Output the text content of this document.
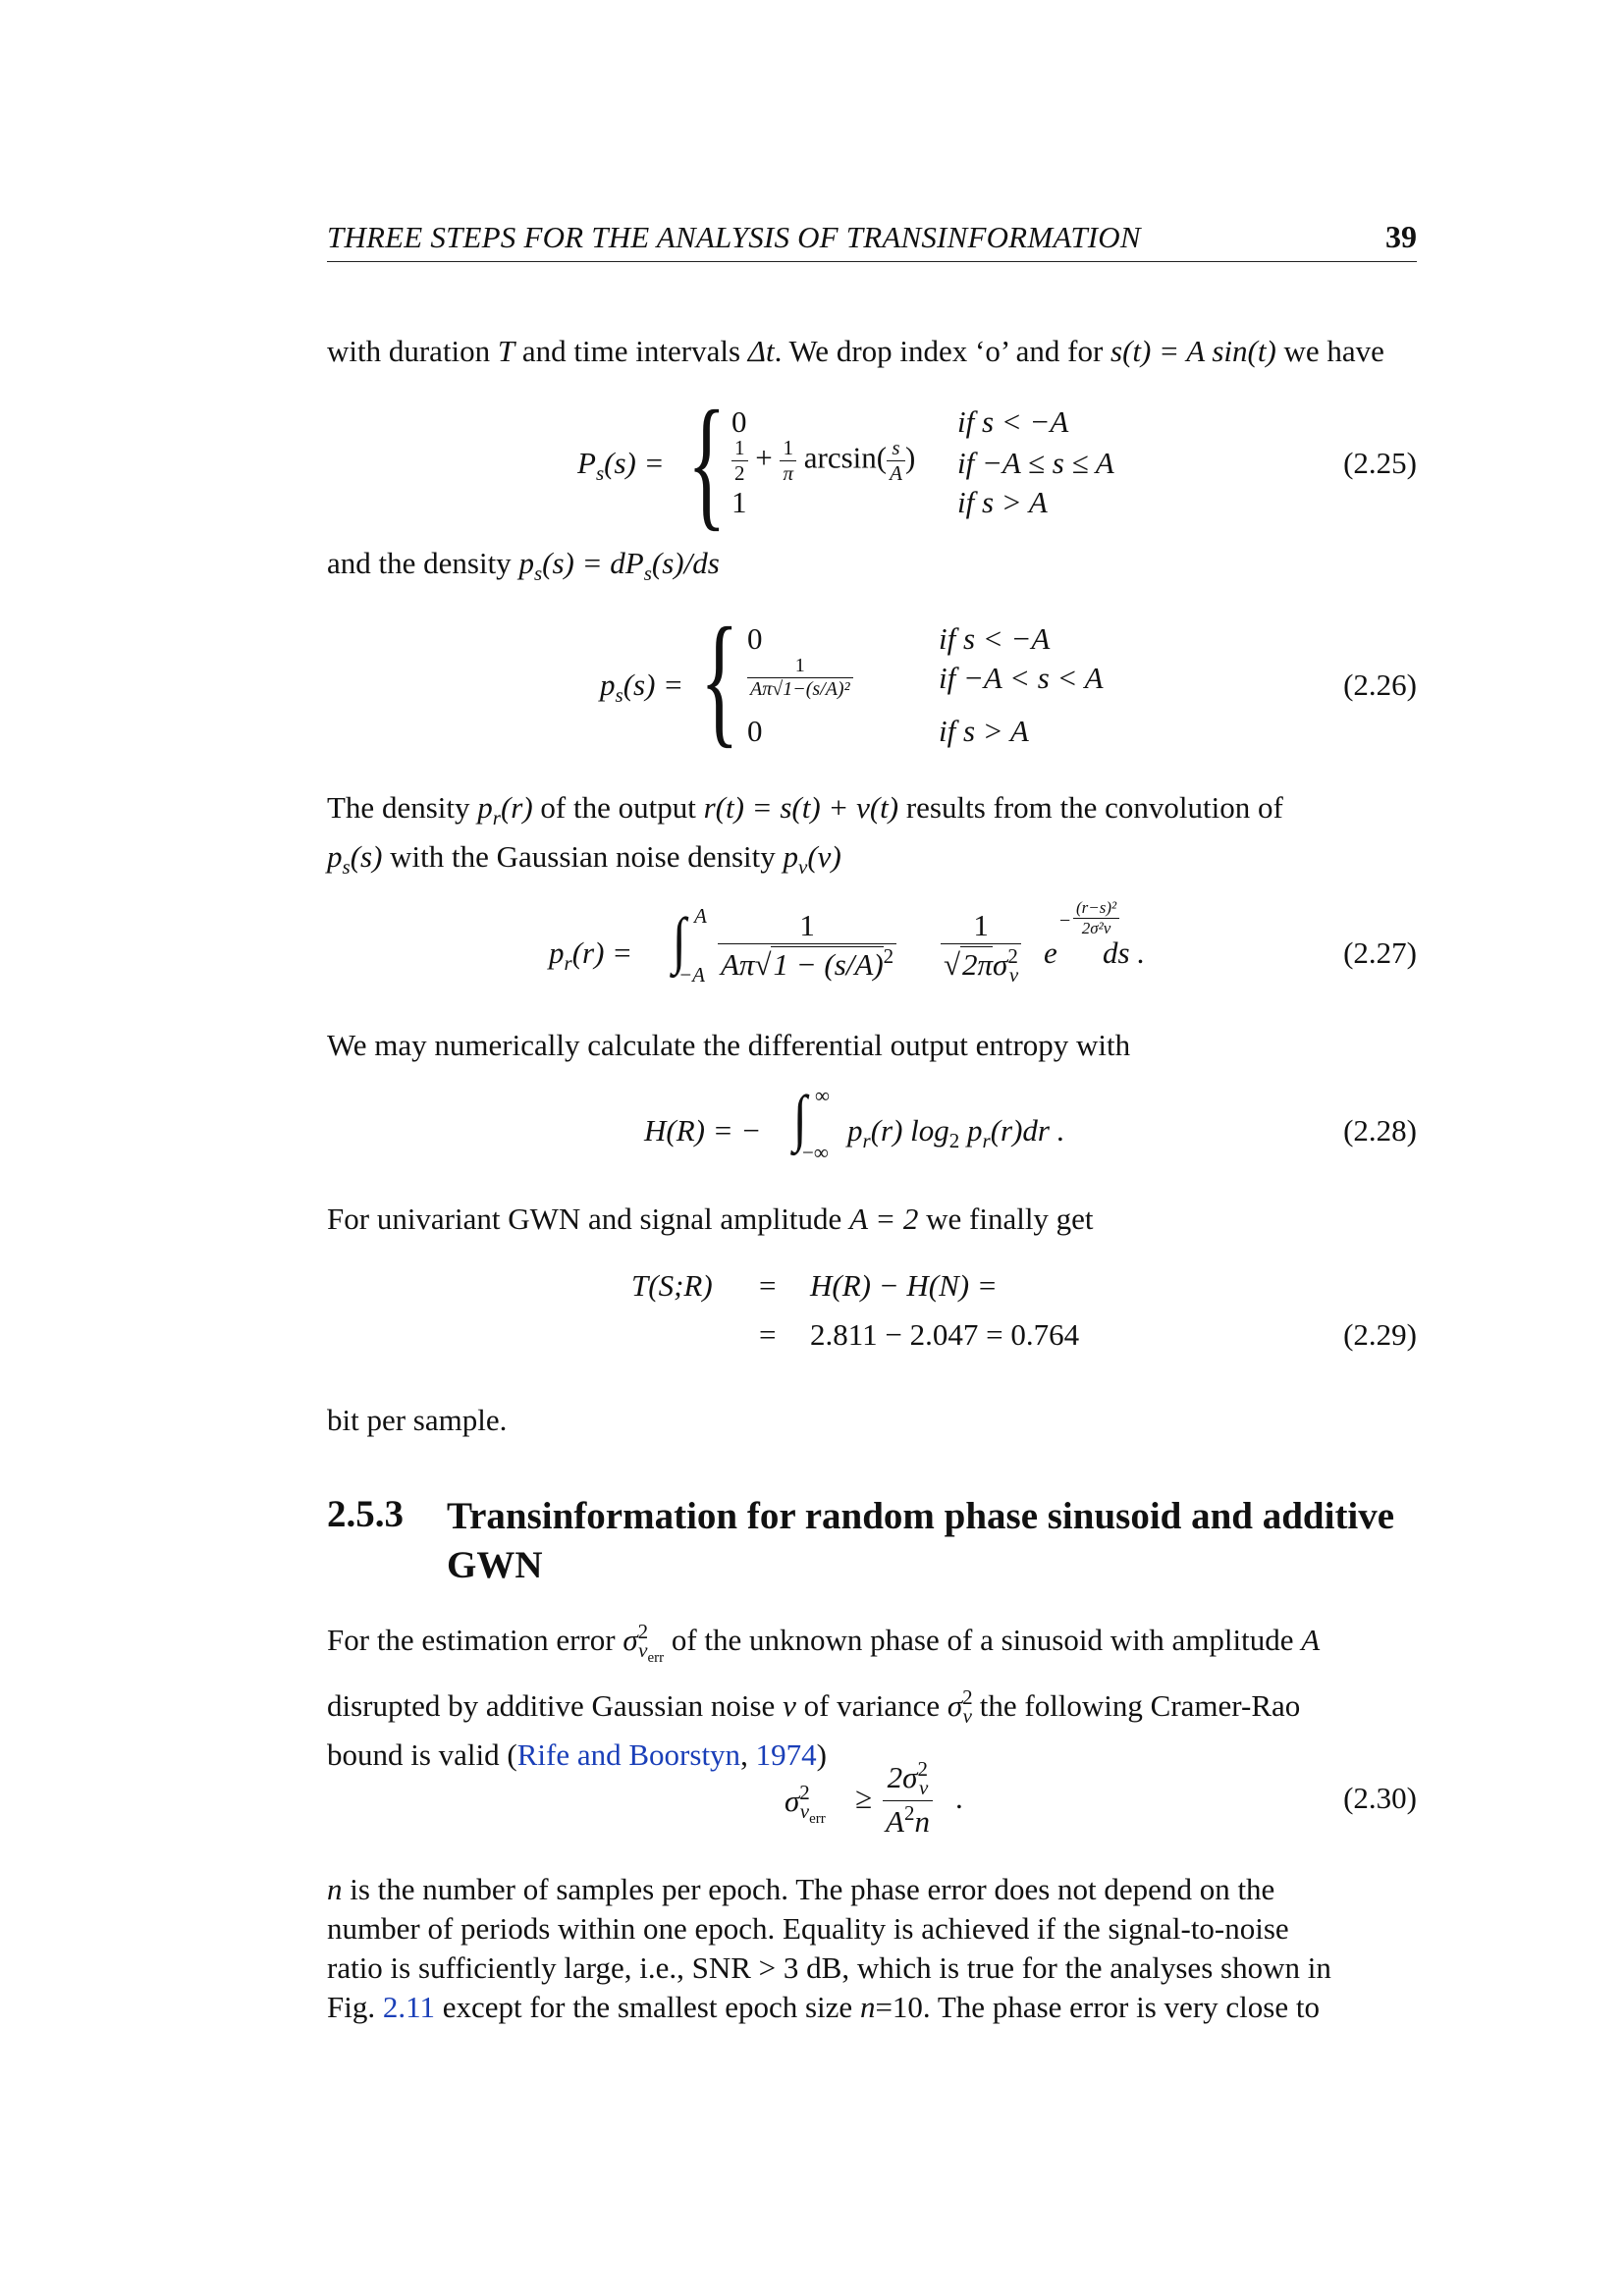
THREE STEPS FOR THE ANALYSIS OF TRANSINFORMATION	39
with duration T and time intervals Δt. We drop index ‘o’ and for s(t) = A sin(t) we have
$P_s(s)$ = { 0	if s < −A
$\frac{1}{2} + \frac{1}{\pi} \arcsin( \frac{s}{A}$ ) if −A ≤ s ≤ A
1	if s > A
(2.25)
and the density $p_s(s) = dP_s(s)/ds$
$p_s(s)$ = { 0	if s < −A
$\frac{1}{\text{Aπ√1−(s/A)²}}$	if −A < s < A
0	if s > A
(2.26)
The density $p_r(r)$ of the output r(t) = s(t) + ν(t) results from the convolution of
$p_s(s)$ with the Gaussian noise density $p_\nu(\nu)$
$p_r(r)$ = ∫ A
$-A \frac{1}{A\pi√1 - (s/A)^2} \frac{1}{√2\pi\sigma^2_\nu}$ e
− $\frac{\text{(r−s)²}}{\text{2σ²ν}}$
ds .	(2.27)
We may numerically calculate the differential output entropy with
H(R) = − ∫ ∞
−∞
$p_r(r)$ $\log_2 p_r(r)dr$ .	(2.28)
For univariant GWN and signal amplitude A = 2 we finally get
T(S;R) = H(R) − H(N) =
= 2.811 − 2.047 = 0.764	(2.29)
bit per sample.
2.5.3 Transinformation for random phase sinusoid and additive GWN
For the estimation error $\sigma^2_{\nu err}$ of the unknown phase of a sinusoid with amplitude A
disrupted by additive Gaussian noise ν of variance $\sigma^2_\nu$ the following Cramer-Rao
bound is valid (Rife and Boorstyn, 1974)
$\sigma^2_{\nu err}$
≥ $\frac{2\sigma^2_\nu}{A^2n}$ .	(2.30)
n is the number of samples per epoch. The phase error does not depend on the
number of periods within one epoch. Equality is achieved if the signal-to-noise
ratio is sufficiently large, i.e., SNR > 3 dB, which is true for the analyses shown in
Fig. 2.11 except for the smallest epoch size n=10. The phase error is very close to
